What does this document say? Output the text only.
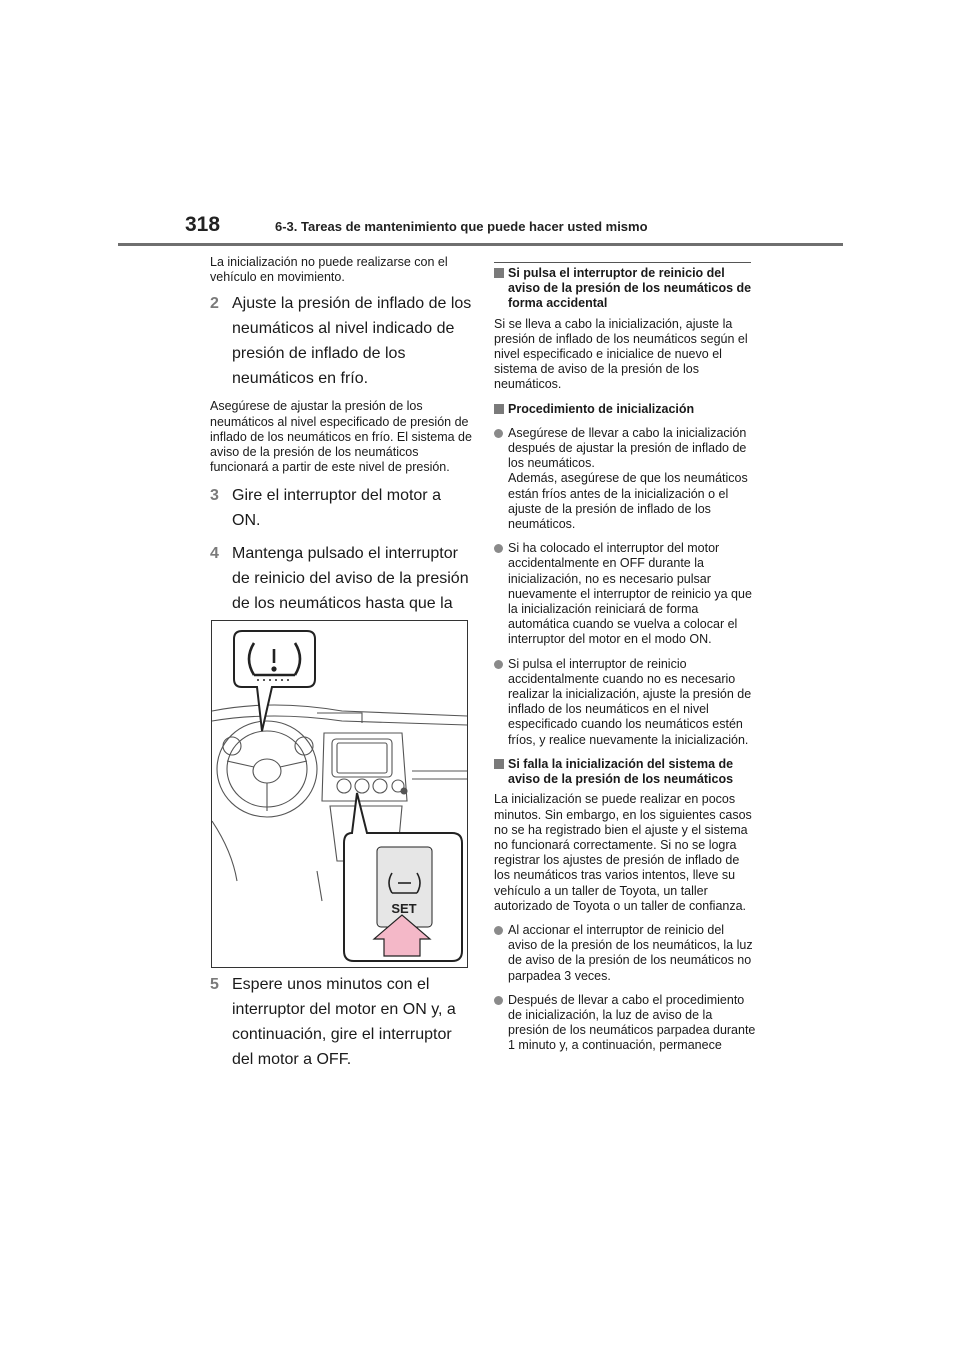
318	6-3. Tareas de mantenimiento que puede hacer usted mismo

La inicialización no puede realizarse con el vehículo en movimiento.

2 Ajuste la presión de inflado de los neumáticos al nivel indicado de presión de inflado de los neumáticos en frío.

Asegúrese de ajustar la presión de los neumáticos al nivel especificado de presión de inflado de los neumáticos en frío. El sistema de aviso de la presión de los neumáticos funcionará a partir de este nivel de presión.

3 Gire el interruptor del motor a ON.
4 Mantenga pulsado el interruptor de reinicio del aviso de la presión de los neumáticos hasta que la
SET
5 Espere unos minutos con el interruptor del motor en ON y, a continuación, gire el interruptor del motor a OFF.
Si pulsa el interruptor de reinicio del aviso de la presión de los neumáticos de forma accidental

Si se lleva a cabo la inicialización, ajuste la presión de inflado de los neumáticos según el nivel especificado e inicialice de nuevo el sistema de aviso de la presión de los neumáticos.

Procedimiento de inicialización
Asegúrese de llevar a cabo la inicialización después de ajustar la presión de inflado de los neumáticos.
Además, asegúrese de que los neumáticos están fríos antes de la inicialización o el ajuste de la presión de inflado de los neumáticos.
Si ha colocado el interruptor del motor accidentalmente en OFF durante la inicialización, no es necesario pulsar nuevamente el interruptor de reinicio ya que la inicialización reiniciará de forma automática cuando se vuelva a colocar el interruptor del motor en el modo ON.
Si pulsa el interruptor de reinicio accidentalmente cuando no es necesario realizar la inicialización, ajuste la presión de inflado de los neumáticos en el nivel especificado cuando los neumáticos estén fríos, y realice nuevamente la inicialización.
Si falla la inicialización del sistema de aviso de la presión de los neumáticos

La inicialización se puede realizar en pocos minutos. Sin embargo, en los siguientes casos no se ha registrado bien el ajuste y el sistema no funcionará correctamente. Si no se logra registrar los ajustes de presión de inflado de los neumáticos tras varios intentos, lleve su vehículo a un taller de Toyota, un taller autorizado de Toyota o un taller de confianza.

Al accionar el interruptor de reinicio del aviso de la presión de los neumáticos, la luz de aviso de la presión de los neumáticos no parpadea 3 veces.
Después de llevar a cabo el procedimiento de inicialización, la luz de aviso de la presión de los neumáticos parpadea durante 1 minuto y, a continuación, permanece
